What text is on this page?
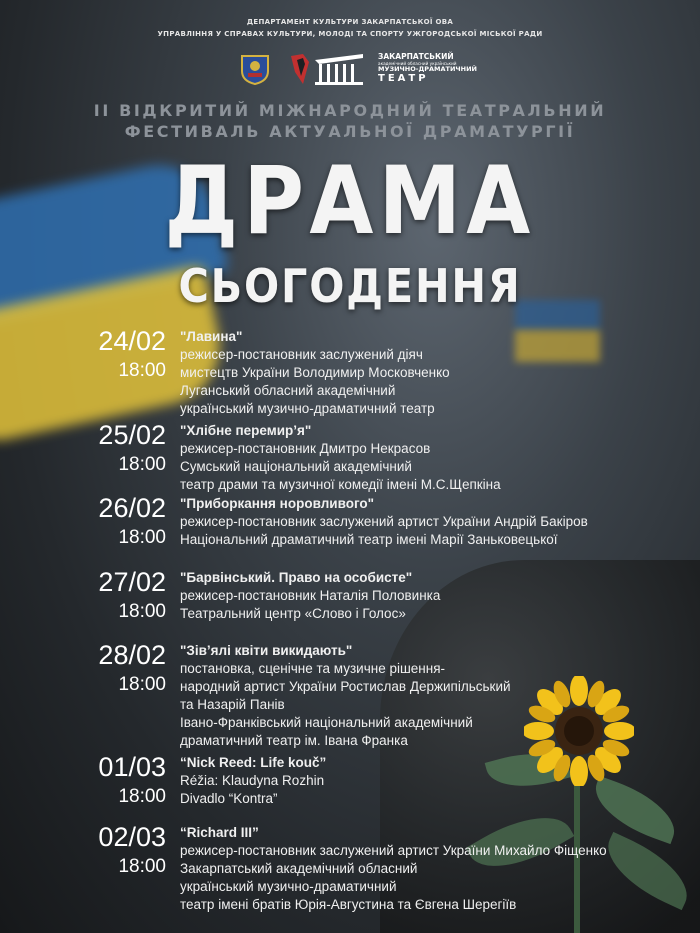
ДЕПАРТАМЕНТ КУЛЬТУРИ ЗАКАРПАТСЬКОЇ ОВА
УПРАВЛІННЯ У СПРАВАХ КУЛЬТУРИ, МОЛОДІ ТА СПОРТУ УЖГОРОДСЬКОЇ МІСЬКОЇ РАДИ
ЗАКАРПАТСЬКИЙ
академічний обласний український
МУЗИЧНО-ДРАМАТИЧНИЙ
ТЕАТР
ІІ ВІДКРИТИЙ МІЖНАРОДНИЙ ТЕАТРАЛЬНИЙ
ФЕСТИВАЛЬ АКТУАЛЬНОЇ ДРАМАТУРГІЇ
ДРАМА
СЬОГОДЕННЯ
24/02
18:00
"Лавина"
режисер-постановник заслужений діяч
мистецтв України Володимир Московченко
Луганський обласний академічний
український музично-драматичний театр
25/02
18:00
"Хлібне перемир’я"
режисер-постановник Дмитро Некрасов
Сумський національний академічний
театр драми та музичної комедії імені М.С.Щепкіна
26/02
18:00
"Приборкання норовливого"
режисер-постановник заслужений артист України Андрій Бакіров
Національний драматичний театр імені Марії Заньковецької
27/02
18:00
"Барвінський. Право на особисте"
режисер-постановник Наталія Половинка
Театральний центр «Слово і Голос»
28/02
18:00
"Зів’ялі квіти викидають"
постановка, сценічне та музичне рішення-
народний артист України Ростислав Держипільський
та Назарій Панів
Івано-Франківський національний академічний
драматичний театр ім. Івана Франка
01/03
18:00
“Nick Reed: Life kouč”
Réžia: Klaudyna Rozhin
Divadlo “Kontra”
02/03
18:00
“Richard III”
режисер-постановник заслужений артист України Михайло Фіщенко
Закарпатський академічний обласний
український музично-драматичний
театр імені братів Юрія-Августина та Євгена Шерегіїв
